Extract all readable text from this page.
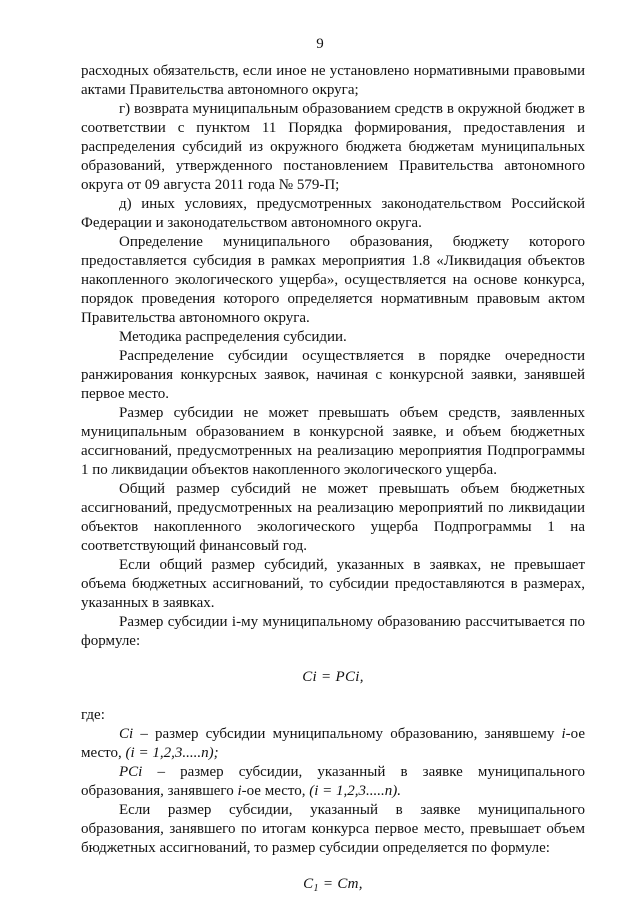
9

расходных обязательств, если иное не установлено нормативными правовыми актами Правительства автономного округа;

г) возврата муниципальным образованием средств в окружной бюджет в соответствии с пунктом 11 Порядка формирования, предоставления и распределения субсидий из окружного бюджета бюджетам муниципальных образований, утвержденного постановлением Правительства автономного округа от 09 августа 2011 года № 579-П;

д) иных условиях, предусмотренных законодательством Российской Федерации и законодательством автономного округа.

Определение муниципального образования, бюджету которого предоставляется субсидия в рамках мероприятия 1.8 «Ликвидация объектов накопленного экологического ущерба», осуществляется на основе конкурса, порядок проведения которого определяется нормативным правовым актом Правительства автономного округа.

Методика распределения субсидии.

Распределение субсидии осуществляется в порядке очередности ранжирования конкурсных заявок, начиная с конкурсной заявки, занявшей первое место.

Размер субсидии не может превышать объем средств, заявленных муниципальным образованием в конкурсной заявке, и объем бюджетных ассигнований, предусмотренных на реализацию мероприятия Подпрограммы 1 по ликвидации объектов накопленного экологического ущерба.

Общий размер субсидий не может превышать объем бюджетных ассигнований, предусмотренных на реализацию мероприятий по ликвидации объектов накопленного экологического ущерба Подпрограммы 1 на соответствующий финансовый год.

Если общий размер субсидий, указанных в заявках, не превышает объема бюджетных ассигнований, то субсидии предоставляются в размерах, указанных в заявках.

Размер субсидии i-му муниципальному образованию рассчитывается по формуле:

Ci = PCi,

где:

Ci – размер субсидии муниципальному образованию, занявшему i-ое место, (i = 1,2,3.....n);

PCi – размер субсидии, указанный в заявке муниципального образования, занявшего i-ое место, (i = 1,2,3.....n).

Если размер субсидии, указанный в заявке муниципального образования, занявшего по итогам конкурса первое место, превышает объем бюджетных ассигнований, то размер субсидии определяется по формуле:

$C_1 = Cm$,
